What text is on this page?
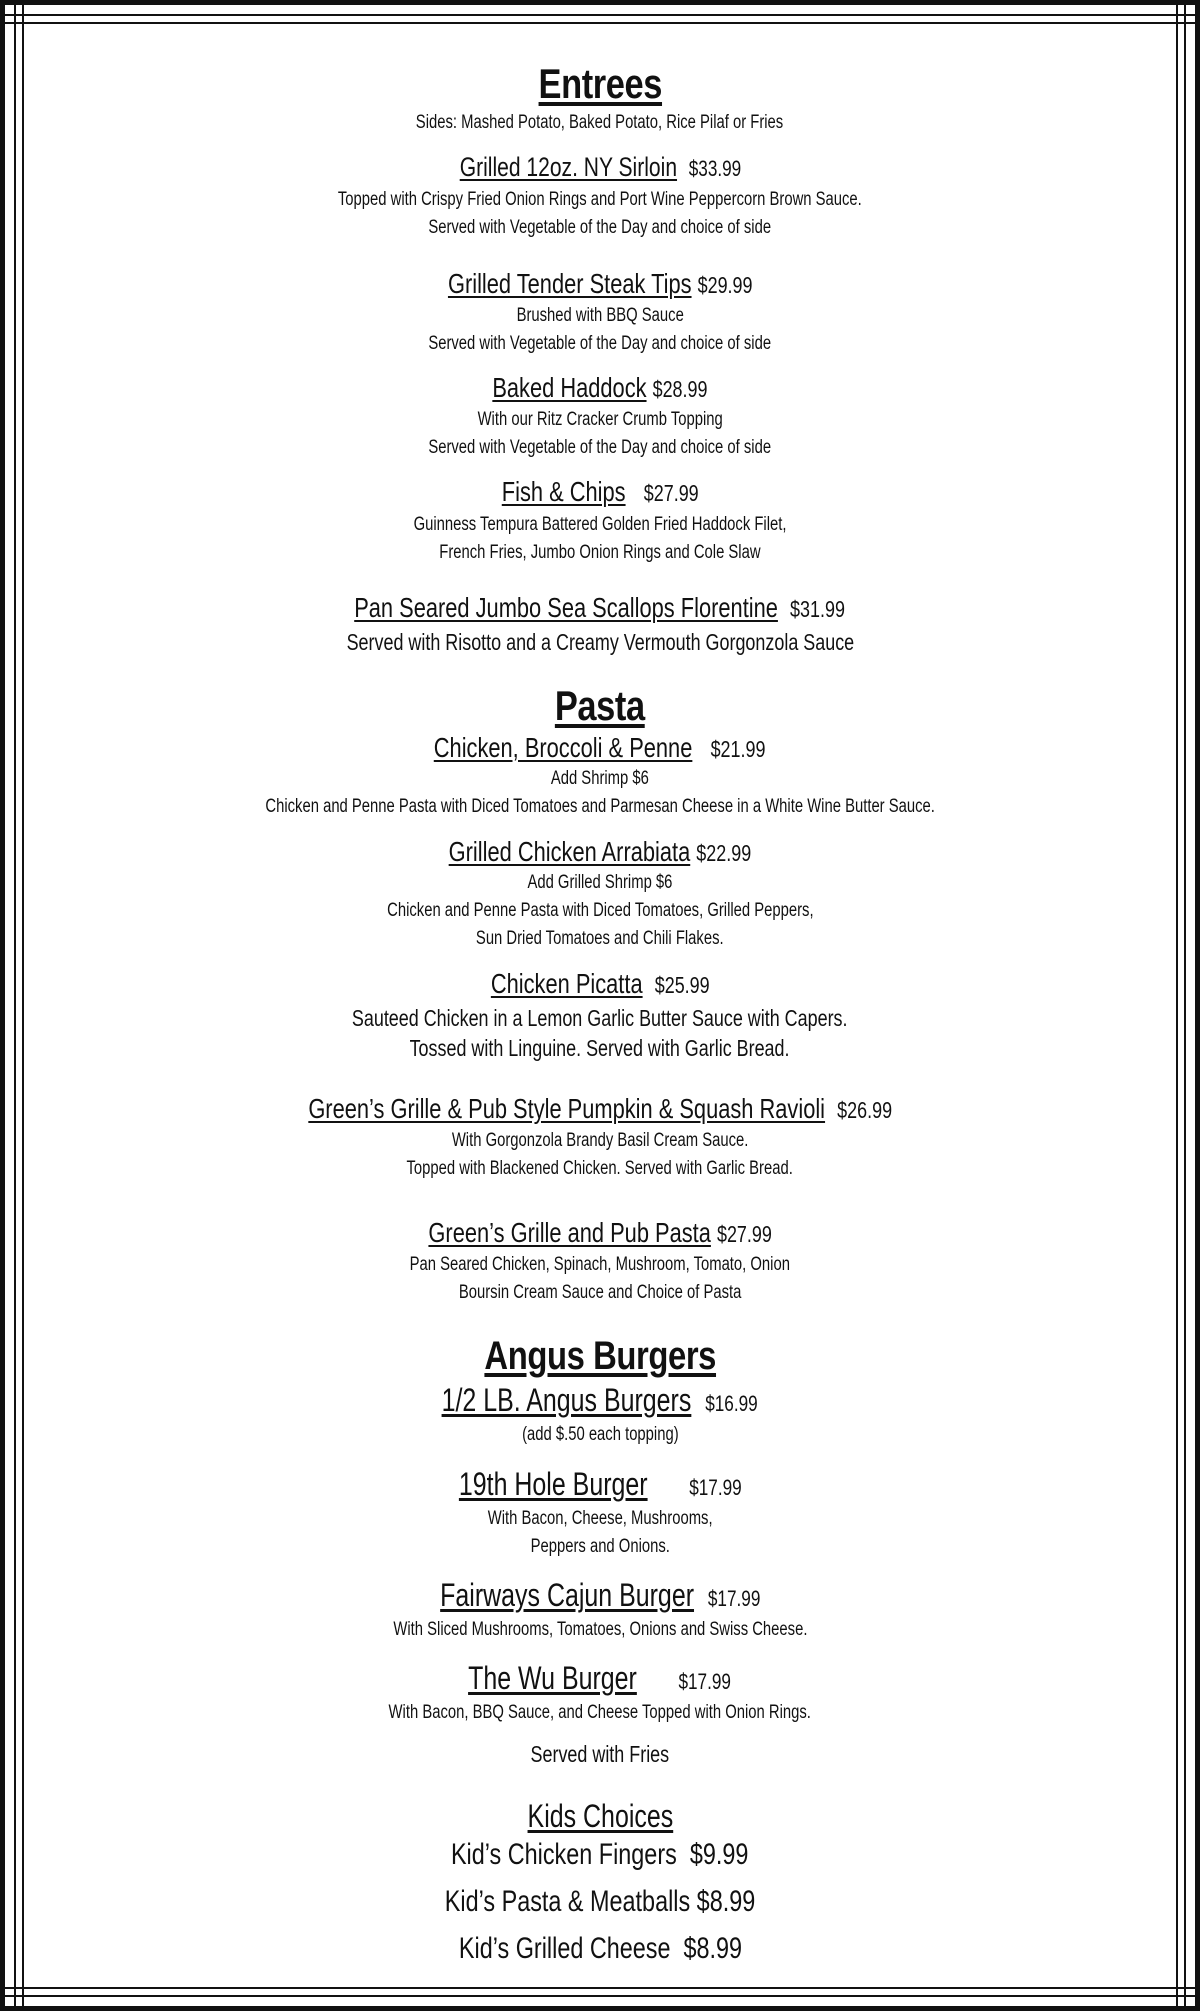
Entrees
Sides: Mashed Potato, Baked Potato, Rice Pilaf or Fries
Grilled 12oz. NY Sirloin $33.99
Topped with Crispy Fried Onion Rings and Port Wine Peppercorn Brown Sauce.
Served with Vegetable of the Day and choice of side
Grilled Tender Steak Tips $29.99
Brushed with BBQ Sauce
Served with Vegetable of the Day and choice of side
Baked Haddock $28.99
With our Ritz Cracker Crumb Topping
Served with Vegetable of the Day and choice of side
Fish & Chips $27.99
Guinness Tempura Battered Golden Fried Haddock Filet,
French Fries, Jumbo Onion Rings and Cole Slaw
Pan Seared Jumbo Sea Scallops Florentine $31.99
Served with Risotto and a Creamy Vermouth Gorgonzola Sauce
Pasta
Chicken, Broccoli & Penne $21.99
Add Shrimp $6
Chicken and Penne Pasta with Diced Tomatoes and Parmesan Cheese in a White Wine Butter Sauce.
Grilled Chicken Arrabiata $22.99
Add Grilled Shrimp $6
Chicken and Penne Pasta with Diced Tomatoes, Grilled Peppers,
Sun Dried Tomatoes and Chili Flakes.
Chicken Picatta $25.99
Sauteed Chicken in a Lemon Garlic Butter Sauce with Capers.
Tossed with Linguine. Served with Garlic Bread.
Green’s Grille & Pub Style Pumpkin & Squash Ravioli $26.99
With Gorgonzola Brandy Basil Cream Sauce.
Topped with Blackened Chicken. Served with Garlic Bread.
Green’s Grille and Pub Pasta $27.99
Pan Seared Chicken, Spinach, Mushroom, Tomato, Onion
Boursin Cream Sauce and Choice of Pasta
Angus Burgers
1/2 LB. Angus Burgers $16.99
(add $.50 each topping)
19th Hole Burger $17.99
With Bacon, Cheese, Mushrooms,
Peppers and Onions.
Fairways Cajun Burger $17.99
With Sliced Mushrooms, Tomatoes, Onions and Swiss Cheese.
The Wu Burger $17.99
With Bacon, BBQ Sauce, and Cheese Topped with Onion Rings.
Served with Fries
Kids Choices
Kid’s Chicken Fingers $9.99
Kid’s Pasta & Meatballs $8.99
Kid’s Grilled Cheese $8.99
